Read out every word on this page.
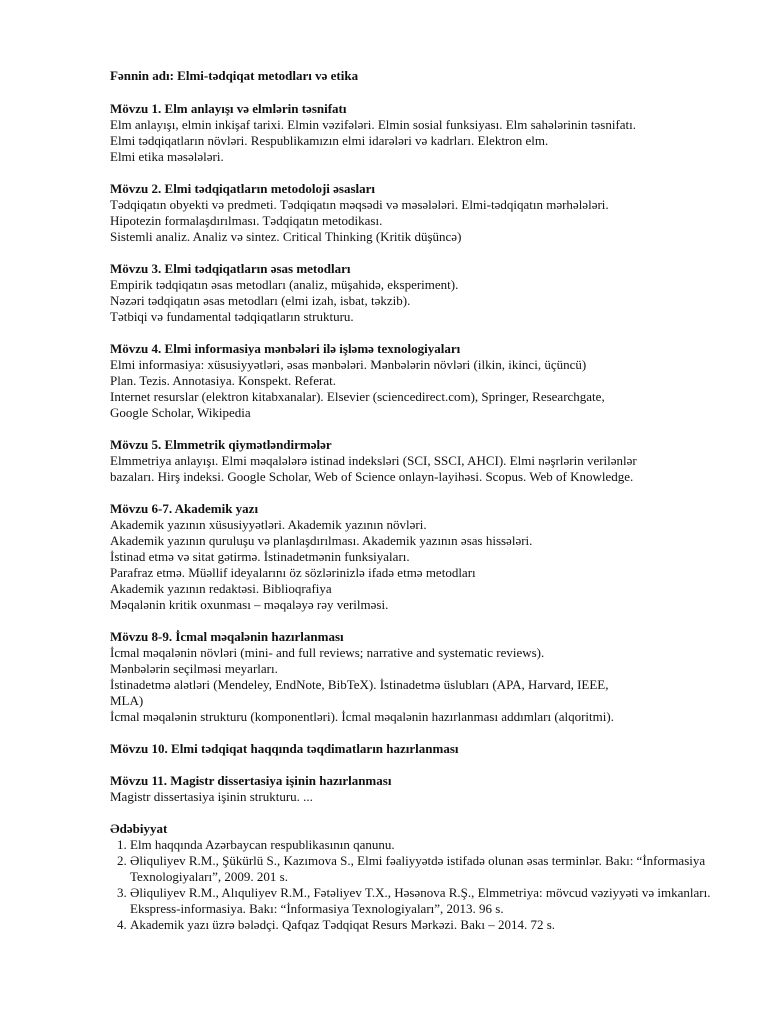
Fənnin adı: Elmi-tədqiqat metodları və etika

Mövzu 1. Elm anlayışı və elmlərin təsnifatı

Elm anlayışı, elmin inkişaf tarixi. Elmin vəzifələri. Elmin sosial funksiyası. Elm sahələrinin təsnifatı.

Elmi tədqiqatların növləri. Respublikamızın elmi idarələri və kadrları. Elektron elm.

Elmi etika məsələləri.

Mövzu 2. Elmi tədqiqatların metodoloji əsasları

Tədqiqatın obyekti və predmeti. Tədqiqatın məqsədi və məsələləri. Elmi-tədqiqatın mərhələləri.

Hipotezin formalaşdırılması. Tədqiqatın metodikası.

Sistemli analiz. Analiz və sintez. Critical Thinking (Kritik düşüncə)

Mövzu 3. Elmi tədqiqatların əsas metodları

Empirik tədqiqatın əsas metodları (analiz, müşahidə, eksperiment).

Nəzəri tədqiqatın əsas metodları (elmi izah, isbat, təkzib).

Tətbiqi və fundamental tədqiqatların strukturu.

Mövzu 4. Elmi informasiya mənbələri ilə işləmə texnologiyaları

Elmi informasiya: xüsusiyyətləri, əsas mənbələri. Mənbələrin növləri (ilkin, ikinci, üçüncü)

Plan. Tezis. Annotasiya. Konspekt. Referat.

Internet resurslar (elektron kitabxanalar). Elsevier (sciencedirect.com), Springer, Researchgate,

Google Scholar, Wikipedia

Mövzu 5. Elmmetrik qiymətləndirmələr

Elmmetriya anlayışı. Elmi məqalələrə istinad indeksləri (SCI, SSCI, AHCI). Elmi nəşrlərin verilənlər

bazaları. Hirş indeksi. Google Scholar, Web of Science onlayn-layihəsi. Scopus. Web of Knowledge.

Mövzu 6-7. Akademik yazı

Akademik yazının xüsusiyyətləri. Akademik yazının növləri.

Akademik yazının quruluşu və planlaşdırılması. Akademik yazının əsas hissələri.

İstinad etmə və sitat gətirmə. İstinadetmənin funksiyaları.

Parafraz etmə. Müəllif ideyalarını öz sözlərinizlə ifadə etmə metodları

Akademik yazının redaktəsi. Biblioqrafiya

Məqalənin kritik oxunması – məqaləyə rəy verilməsi.

Mövzu 8-9. İcmal məqalənin hazırlanması

İcmal məqalənin növləri (mini- and full reviews; narrative and systematic reviews).

Mənbələrin seçilməsi meyarları.

İstinadetmə alətləri (Mendeley, EndNote, BibTeX). İstinadetmə üslubları (APA, Harvard, IEEE,

MLA)

İcmal məqalənin strukturu (komponentləri). İcmal məqalənin hazırlanması addımları (alqoritmi).

Mövzu 10. Elmi tədqiqat haqqında təqdimatların hazırlanması
Mövzu 11. Magistr dissertasiya işinin hazırlanması

Magistr dissertasiya işinin strukturu. ...

Ədəbiyyat

1. Elm haqqında Azərbaycan respublikasının qanunu.
2. Əliquliyev R.M., Şükürlü S., Kazımova S., Elmi fəaliyyətdə istifadə olunan əsas terminlər. Bakı: “İnformasiya Texnologiyaları”, 2009. 201 s.
3. Əliquliyev R.M., Alıquliyev R.M., Fətəliyev T.X., Həsənova R.Ş., Elmmetriya: mövcud vəziyyəti və imkanları. Ekspress-informasiya. Bakı: “İnformasiya Texnologiyaları”, 2013. 96 s.
4. Akademik yazı üzrə bələdçi. Qafqaz Tədqiqat Resurs Mərkəzi. Bakı – 2014. 72 s.
